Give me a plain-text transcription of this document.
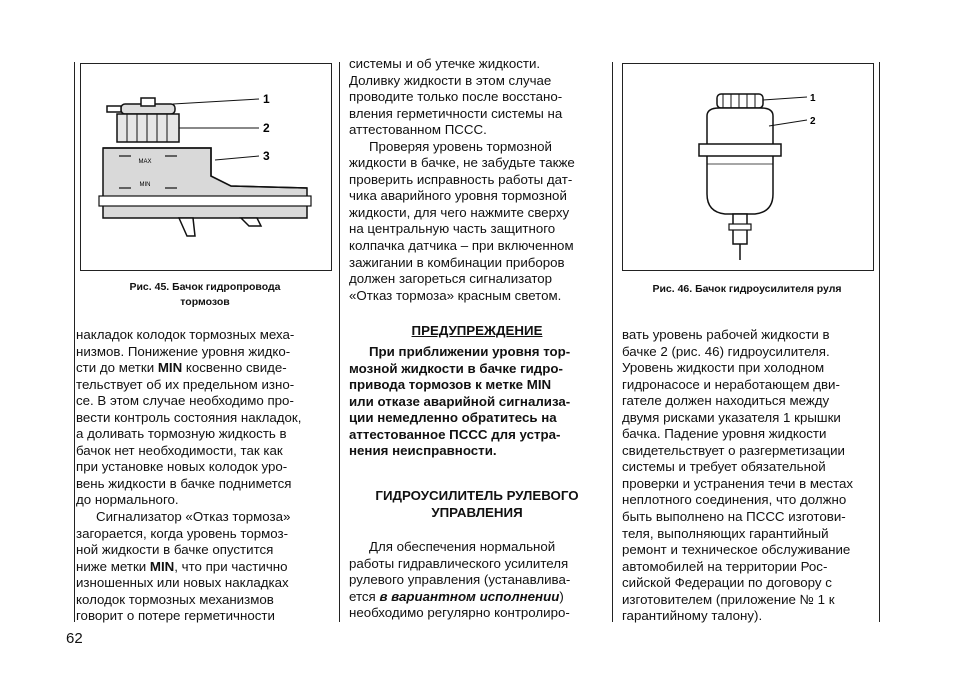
MAX
MIN
1
2
3
Рис. 45. Бачок гидропровода
тормозов
1
2
Рис. 46. Бачок гидроусилителя руля
накладок колодок тормозных меха-
низмов. Понижение уровня жидко-
сти до метки MIN косвенно свиде-
тельствует об их предельном изно-
се. В этом случае необходимо про-
вести контроль состояния накладок,
а доливать тормозную жидкость в
бачок нет необходимости, так как
при установке новых колодок уро-
вень жидкости в бачке поднимется
до нормального.
Сигнализатор «Отказ тормоза»
загорается, когда уровень тормоз-
ной жидкости в бачке опустится
ниже метки MIN, что при частично
изношенных или новых накладках
колодок тормозных механизмов
говорит о потере герметичности
системы и об утечке жидкости.
Доливку жидкости в этом случае
проводите только после восстано-
вления герметичности системы на
аттестованном ПССС.
Проверяя уровень тормозной
жидкости в бачке, не забудьте также
проверить исправность работы дат-
чика аварийного уровня тормозной
жидкости, для чего нажмите сверху
на центральную часть защитного
колпачка датчика – при включенном
зажигании в комбинации приборов
должен загореться сигнализатор
«Отказ тормоза» красным светом.
ПРЕДУПРЕЖДЕНИЕ
При приближении уровня тор-
мозной жидкости в бачке гидро-
привода тормозов к метке MIN
или отказе аварийной сигнализа-
ции немедленно обратитесь на
аттестованное ПССС для устра-
нения неисправности.
ГИДРОУСИЛИТЕЛЬ РУЛЕВОГО
УПРАВЛЕНИЯ
Для обеспечения нормальной
работы гидравлического усилителя
рулевого управления (устанавлива-
ется в вариантном исполнении)
необходимо регулярно контролиро-
вать уровень рабочей жидкости в
бачке 2 (рис. 46) гидроусилителя.
Уровень жидкости при холодном
гидронасосе и неработающем дви-
гателе должен находиться между
двумя рисками указателя 1 крышки
бачка. Падение уровня жидкости
свидетельствует о разгерметизации
системы и требует обязательной
проверки и устранения течи в местах
неплотного соединения, что должно
быть выполнено на ПССС изготови-
теля, выполняющих гарантийный
ремонт и техническое обслуживание
автомобилей на территории Рос-
сийской Федерации по договору с
изготовителем (приложение № 1 к
гарантийному талону).
62
